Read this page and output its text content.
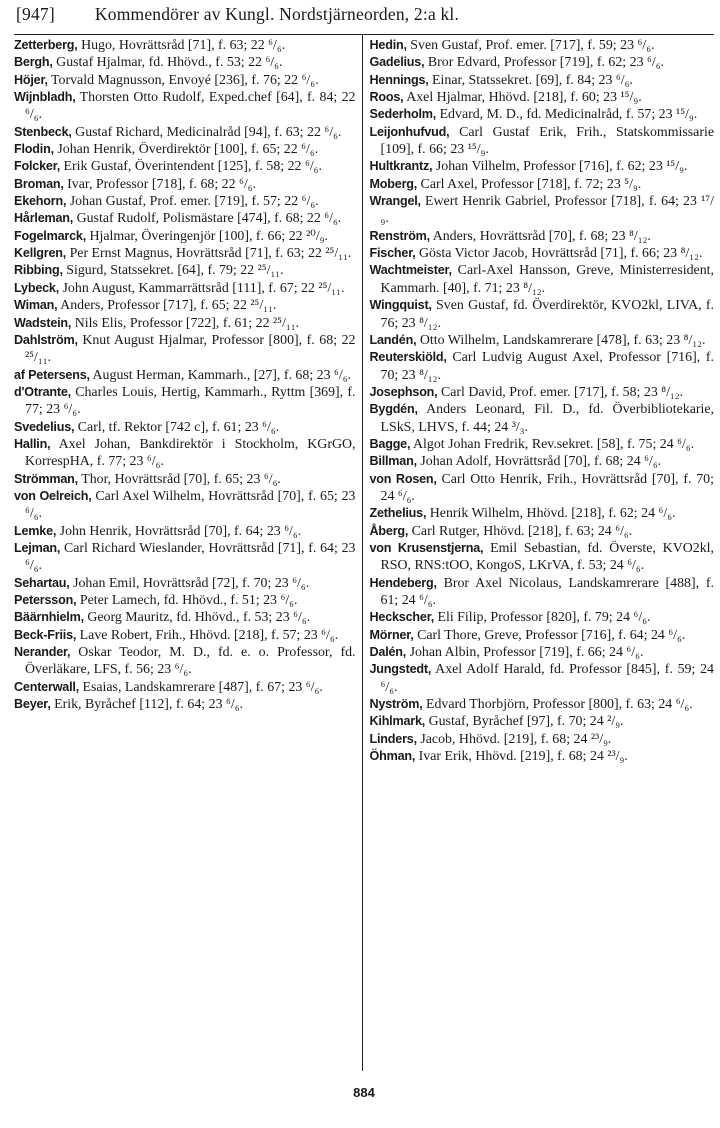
[947] Kommendörer av Kungl. Nordstjärneorden, 2:a kl.

Zetterberg, Hugo, Hovrättsråd [71], f. 63; 22 ⁶/₆.

Bergh, Gustaf Hjalmar, fd. Hhövd., f. 53; 22 ⁶/₆.

Höjer, Torvald Magnusson, Envoyé [236], f. 76; 22 ⁶/₆.

Wijnbladh, Thorsten Otto Rudolf, Exped.chef [64], f. 84; 22 ⁶/₆.

Stenbeck, Gustaf Richard, Medicinalråd [94], f. 63; 22 ⁶/₆.

Flodin, Johan Henrik, Överdirektör [100], f. 65; 22 ⁶/₆.

Folcker, Erik Gustaf, Överintendent [125], f. 58; 22 ⁶/₆.

Broman, Ivar, Professor [718], f. 68; 22 ⁶/₆.

Ekehorn, Johan Gustaf, Prof. emer. [719], f. 57; 22 ⁶/₆.

Hårleman, Gustaf Rudolf, Polismästare [474], f. 68; 22 ⁶/₆.

Fogelmarck, Hjalmar, Överingenjör [100], f. 66; 22 ²⁰/₉.

Kellgren, Per Ernst Magnus, Hovrättsråd [71], f. 63; 22 ²⁵/₁₁.

Ribbing, Sigurd, Statssekret. [64], f. 79; 22 ²⁵/₁₁.

Lybeck, John August, Kammarrättsråd [111], f. 67; 22 ²⁵/₁₁.

Wiman, Anders, Professor [717], f. 65; 22 ²⁵/₁₁.

Wadstein, Nils Elis, Professor [722], f. 61; 22 ²⁵/₁₁.

Dahlström, Knut August Hjalmar, Professor [800], f. 68; 22 ²⁵/₁₁.

af Petersens, August Herman, Kammarh., [27], f. 68; 23 ⁶/₆.

d'Otrante, Charles Louis, Hertig, Kammarh., Ryttm [369], f. 77; 23 ⁶/₆.

Svedelius, Carl, tf. Rektor [742 c], f. 61; 23 ⁶/₆.

Hallin, Axel Johan, Bankdirektör i Stockholm, KGrGO, KorrespHA, f. 77; 23 ⁶/₆.

Strömman, Thor, Hovrättsråd [70], f. 65; 23 ⁶/₆.

von Oelreich, Carl Axel Wilhelm, Hovrättsråd [70], f. 65; 23 ⁶/₆.

Lemke, John Henrik, Hovrättsråd [70], f. 64; 23 ⁶/₆.

Lejman, Carl Richard Wieslander, Hovrättsråd [71], f. 64; 23 ⁶/₆.

Sehartau, Johan Emil, Hovrättsråd [72], f. 70; 23 ⁶/₆.

Petersson, Peter Lamech, fd. Hhövd., f. 51; 23 ⁶/₆.

Bäärnhielm, Georg Mauritz, fd. Hhövd., f. 53; 23 ⁶/₆.

Beck-Friis, Lave Robert, Frih., Hhövd. [218], f. 57; 23 ⁶/₆.

Nerander, Oskar Teodor, M. D., fd. e. o. Professor, fd. Överläkare, LFS, f. 56; 23 ⁶/₆.

Centerwall, Esaias, Landskamrerare [487], f. 67; 23 ⁶/₆.

Beyer, Erik, Byråchef [112], f. 64; 23 ⁶/₆.

Hedin, Sven Gustaf, Prof. emer. [717], f. 59; 23 ⁶/₆.

Gadelius, Bror Edvard, Professor [719], f. 62; 23 ⁶/₆.

Hennings, Einar, Statssekret. [69], f. 84; 23 ⁶/₆.

Roos, Axel Hjalmar, Hhövd. [218], f. 60; 23 ¹⁵/₉.

Sederholm, Edvard, M. D., fd. Medicinalråd, f. 57; 23 ¹⁵/₉.

Leijonhufvud, Carl Gustaf Erik, Frih., Statskommissarie [109], f. 66; 23 ¹⁵/₉.

Hultkrantz, Johan Vilhelm, Professor [716], f. 62; 23 ¹⁵/₉.

Moberg, Carl Axel, Professor [718], f. 72; 23 ⁵/₉.

Wrangel, Ewert Henrik Gabriel, Professor [718], f. 64; 23 ¹⁷/₉.

Renström, Anders, Hovrättsråd [70], f. 68; 23 ⁸/₁₂.

Fischer, Gösta Victor Jacob, Hovrättsråd [71], f. 66; 23 ⁸/₁₂.

Wachtmeister, Carl-Axel Hansson, Greve, Ministerresident, Kammarh. [40], f. 71; 23 ⁸/₁₂.

Wingquist, Sven Gustaf, fd. Överdirektör, KVO2kl, LIVA, f. 76; 23 ⁸/₁₂.

Landén, Otto Wilhelm, Landskamrerare [478], f. 63; 23 ⁸/₁₂.

Reuterskiöld, Carl Ludvig August Axel, Professor [716], f. 70; 23 ⁸/₁₂.

Josephson, Carl David, Prof. emer. [717], f. 58; 23 ⁸/₁₂.

Bygdén, Anders Leonard, Fil. D., fd. Överbibliotekarie, LSkS, LHVS, f. 44; 24 ³/₃.

Bagge, Algot Johan Fredrik, Rev.sekret. [58], f. 75; 24 ⁶/₆.

Billman, Johan Adolf, Hovrättsråd [70], f. 68; 24 ⁶/₆.

von Rosen, Carl Otto Henrik, Frih., Hovrättsråd [70], f. 70; 24 ⁶/₆.

Zethelius, Henrik Wilhelm, Hhövd. [218], f. 62; 24 ⁶/₆.

Åberg, Carl Rutger, Hhövd. [218], f. 63; 24 ⁶/₆.

von Krusenstjerna, Emil Sebastian, fd. Överste, KVO2kl, RSO, RNS:tOO, KongoS, LKrVA, f. 53; 24 ⁶/₆.

Hendeberg, Bror Axel Nicolaus, Landskamrerare [488], f. 61; 24 ⁶/₆.

Heckscher, Eli Filip, Professor [820], f. 79; 24 ⁶/₆.

Mörner, Carl Thore, Greve, Professor [716], f. 64; 24 ⁶/₆.

Dalén, Johan Albin, Professor [719], f. 66; 24 ⁶/₆.

Jungstedt, Axel Adolf Harald, fd. Professor [845], f. 59; 24 ⁶/₆.

Nyström, Edvard Thorbjörn, Professor [800], f. 63; 24 ⁶/₆.

Kihlmark, Gustaf, Byråchef [97], f. 70; 24 ²/₉.

Linders, Jacob, Hhövd. [219], f. 68; 24 ²³/₉.

Öhman, Ivar Erik, Hhövd. [219], f. 68; 24 ²³/₉.

884
